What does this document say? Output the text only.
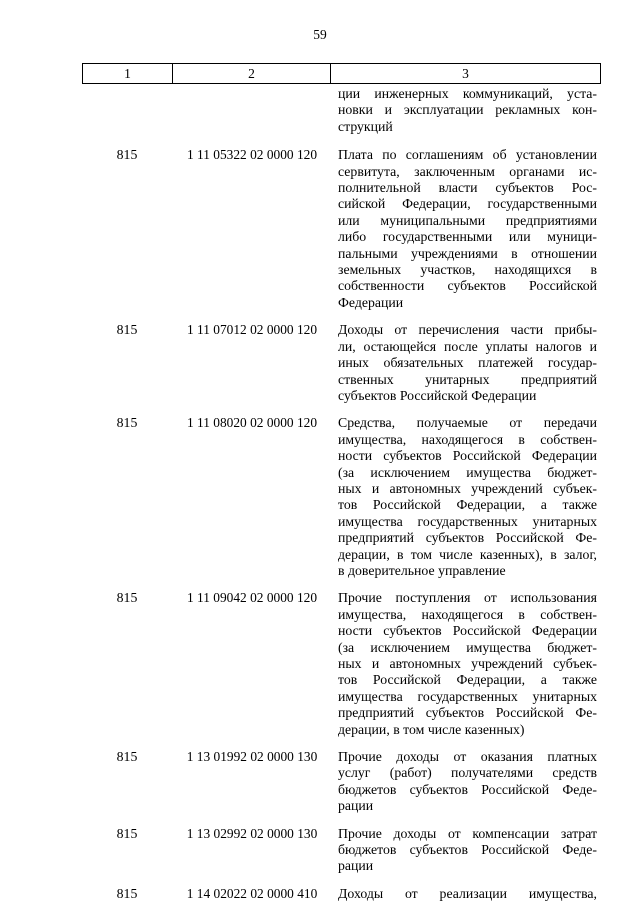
59
1	2	3
ции инженерных коммуникаций, уста-
новки и эксплуатации рекламных кон-
струкций
815	1 11 05322 02 0000 120	Плата по соглашениям об установлении
сервитута, заключенным органами ис-
полнительной власти субъектов Рос-
сийской Федерации, государственными
или муниципальными предприятиями
либо государственными или муници-
пальными учреждениями в отношении
земельных участков, находящихся в
собственности субъектов Российской
Федерации
815	1 11 07012 02 0000 120	Доходы от перечисления части прибы-
ли, остающейся после уплаты налогов и
иных обязательных платежей государ-
ственных унитарных предприятий
субъектов Российской Федерации
815	1 11 08020 02 0000 120	Средства, получаемые от передачи
имущества, находящегося в собствен-
ности субъектов Российской Федерации
(за исключением имущества бюджет-
ных и автономных учреждений субъек-
тов Российской Федерации, а также
имущества государственных унитарных
предприятий субъектов Российской Фе-
дерации, в том числе казенных), в залог,
в доверительное управление
815	1 11 09042 02 0000 120	Прочие поступления от использования
имущества, находящегося в собствен-
ности субъектов Российской Федерации
(за исключением имущества бюджет-
ных и автономных учреждений субъек-
тов Российской Федерации, а также
имущества государственных унитарных
предприятий субъектов Российской Фе-
дерации, в том числе казенных)
815	1 13 01992 02 0000 130	Прочие доходы от оказания платных
услуг (работ) получателями средств
бюджетов субъектов Российской Феде-
рации
815	1 13 02992 02 0000 130	Прочие доходы от компенсации затрат
бюджетов субъектов Российской Феде-
рации
815	1 14 02022 02 0000 410	Доходы от реализации имущества,
